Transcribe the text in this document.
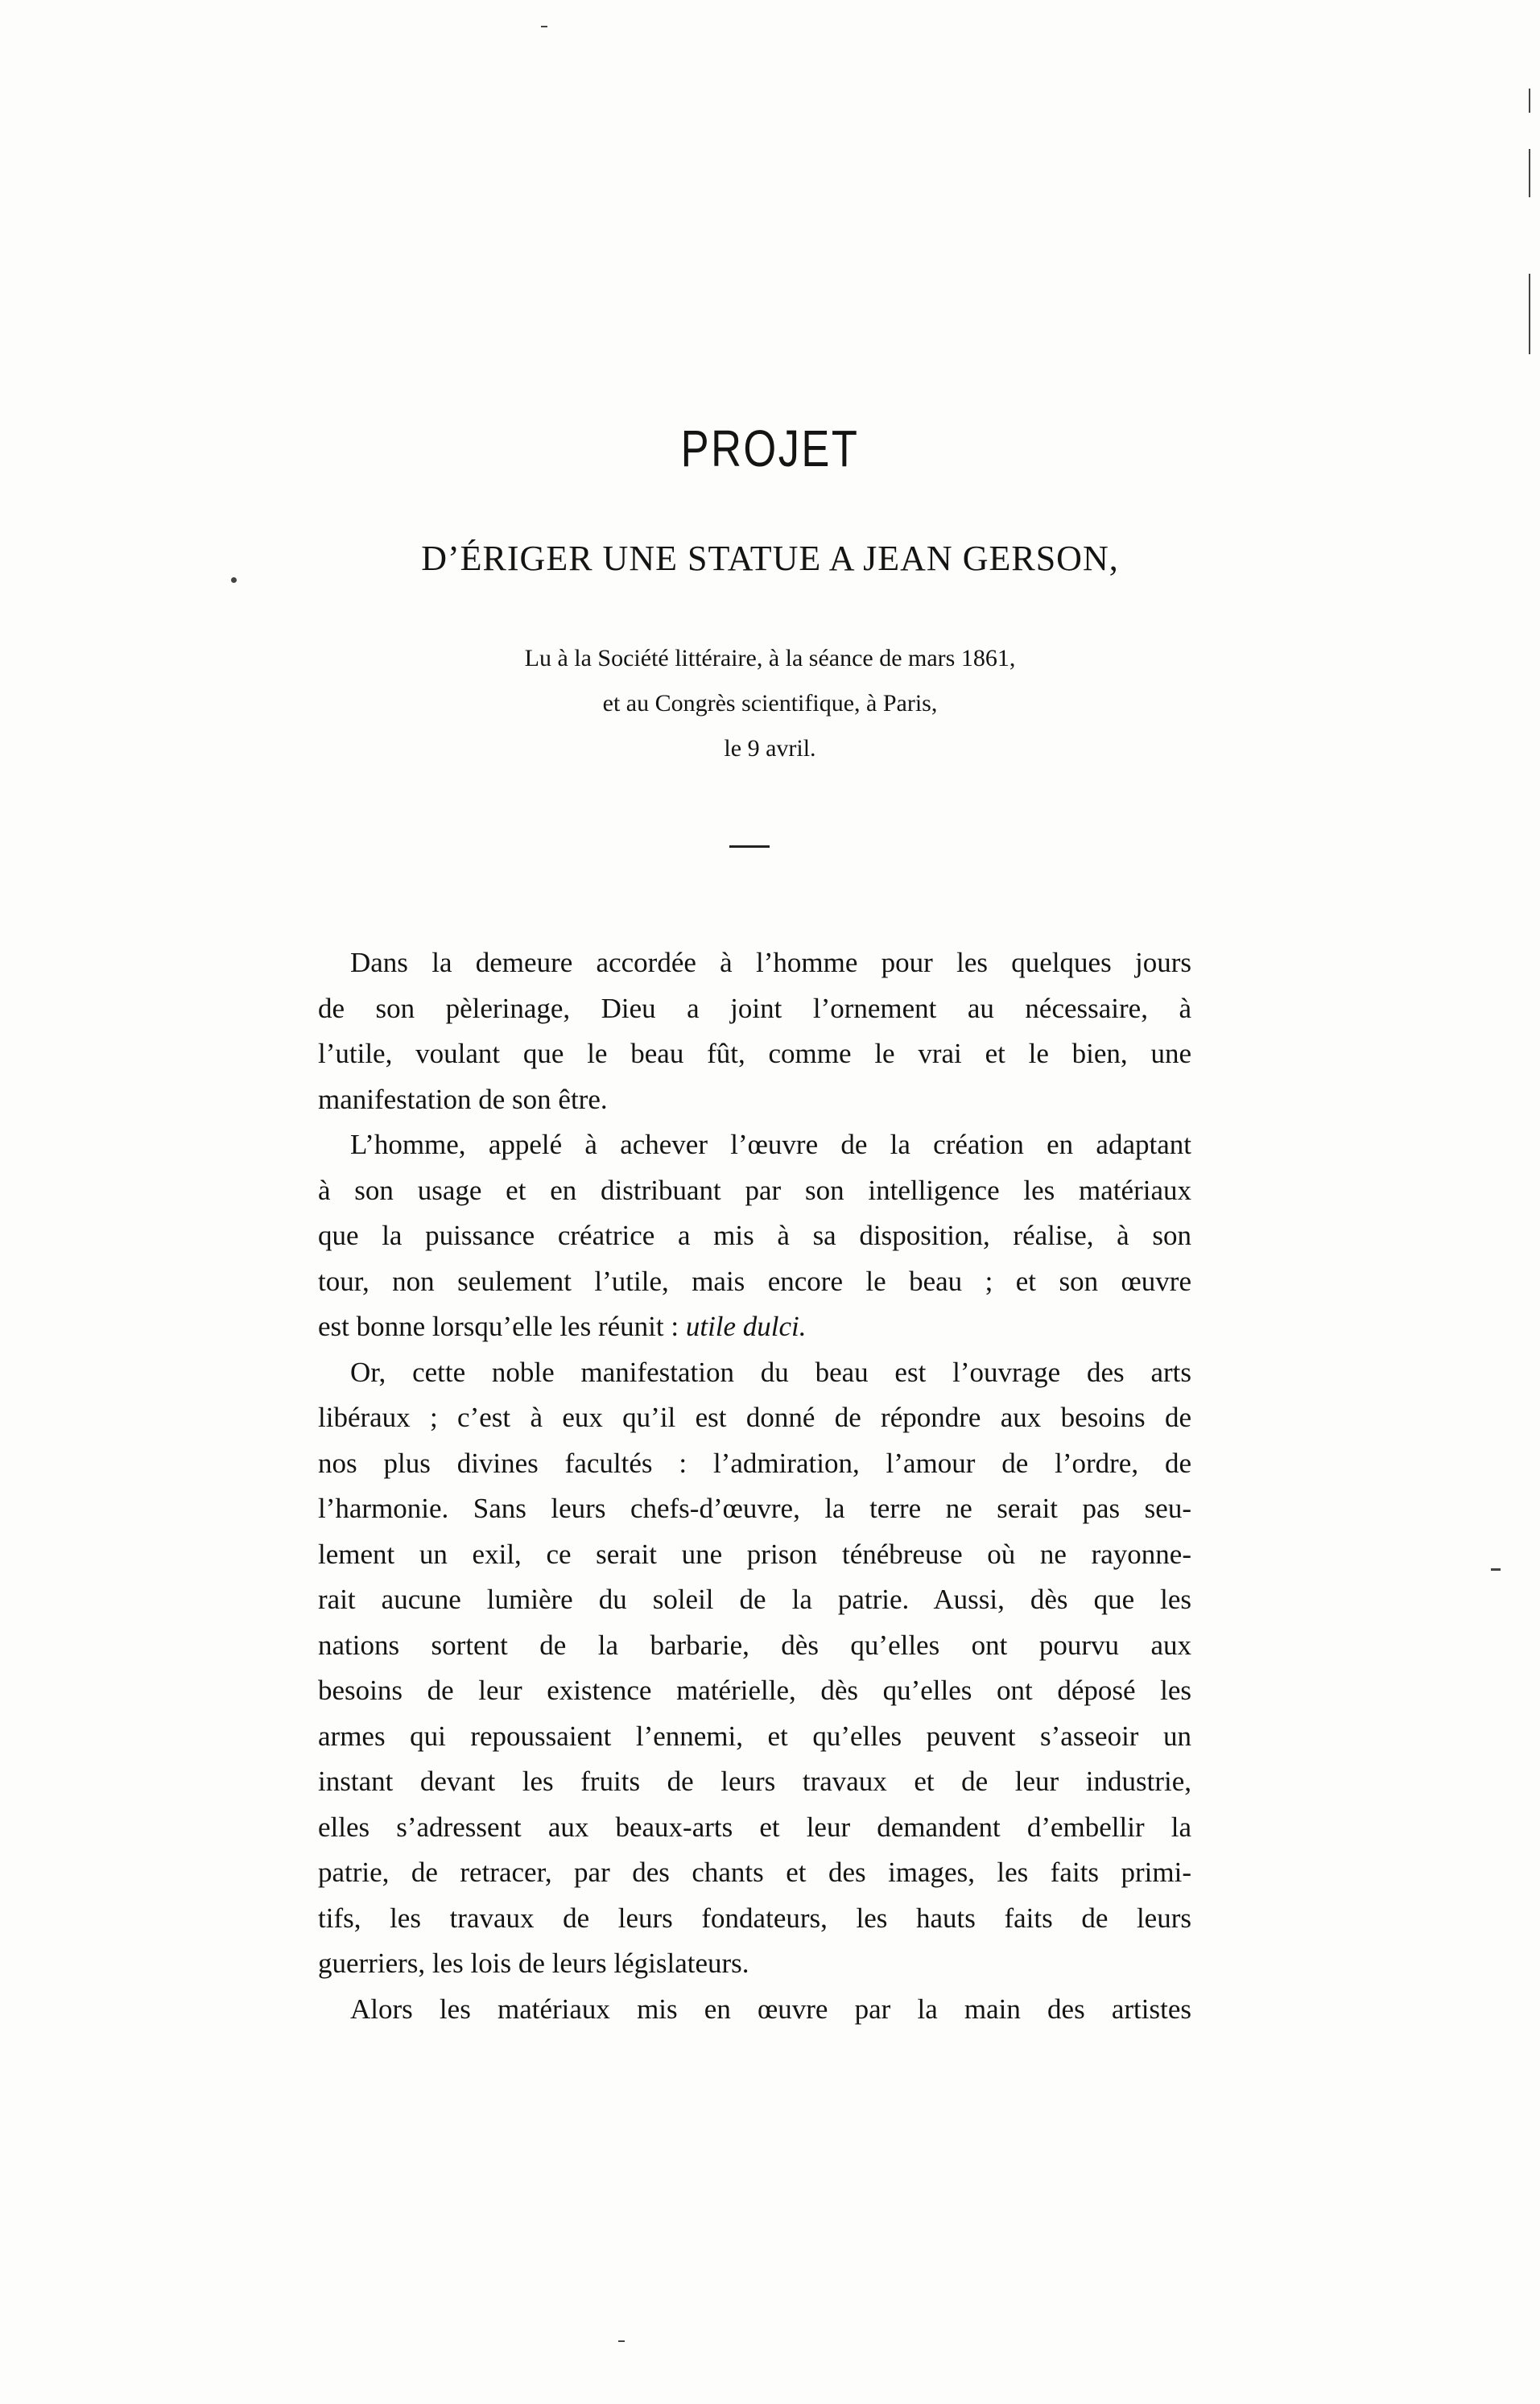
PROJET
D’ÉRIGER UNE STATUE A JEAN GERSON,
Lu à la Société littéraire, à la séance de mars 1861,
et au Congrès scientifique, à Paris,
le 9 avril.
Dans la demeure accordée à l’homme pour les quelques jours
de son pèlerinage, Dieu a joint l’ornement au nécessaire, à
l’utile, voulant que le beau fût, comme le vrai et le bien, une
manifestation de son être.
L’homme, appelé à achever l’œuvre de la création en adaptant
à son usage et en distribuant par son intelligence les matériaux
que la puissance créatrice a mis à sa disposition, réalise, à son
tour, non seulement l’utile, mais encore le beau ; et son œuvre
est bonne lorsqu’elle les réunit : utile dulci.
Or, cette noble manifestation du beau est l’ouvrage des arts
libéraux ; c’est à eux qu’il est donné de répondre aux besoins de
nos plus divines facultés : l’admiration, l’amour de l’ordre, de
l’harmonie. Sans leurs chefs-d’œuvre, la terre ne serait pas seu-
lement un exil, ce serait une prison ténébreuse où ne rayonne-
rait aucune lumière du soleil de la patrie. Aussi, dès que les
nations sortent de la barbarie, dès qu’elles ont pourvu aux
besoins de leur existence matérielle, dès qu’elles ont déposé les
armes qui repoussaient l’ennemi, et qu’elles peuvent s’asseoir un
instant devant les fruits de leurs travaux et de leur industrie,
elles s’adressent aux beaux-arts et leur demandent d’embellir la
patrie, de retracer, par des chants et des images, les faits primi-
tifs, les travaux de leurs fondateurs, les hauts faits de leurs
guerriers, les lois de leurs législateurs.
Alors les matériaux mis en œuvre par la main des artistes
